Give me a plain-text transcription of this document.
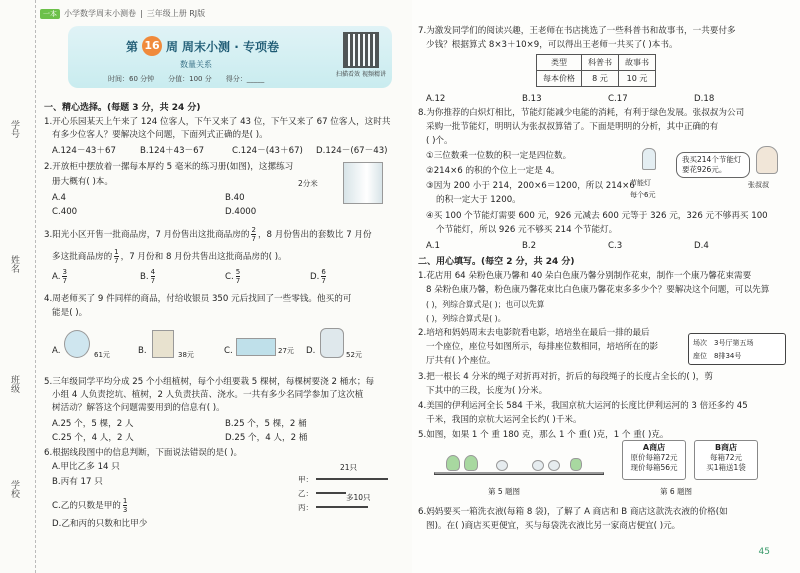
学号
姓名
班级
学校
一本 小学数学周末小测卷 | 三年级上册 RJ版
第 16 周 周末小测 · 专项卷
数量关系
时间：60 分钟 分值：100 分 得分：_____
扫描看效 视频精讲
一、精心选择。(每题 3 分，共 24 分)
1.开心乐园某天上午来了 124 位客人，下午又来了 43 位，下午又来了 67 位客人，这时共
有多少位客人？要解决这个问题，下面列式正确的是( )。
A.124－43＋67	B.124＋43－67	C.124－(43＋67) D.124－(67－43)
2.开放柜中摆放着一摞每本厚约 5 毫米的练习册(如图)，这摞练习
册大概有( )本。
A.4	B.40
C.400	D.4000
2分米
3.阳光小区开售一批商品房，7 月份售出这批商品房的 $\frac{2}{7}$ ，8 月份售出的套数比 7 月份
多这批商品房的 $\frac{1}{7}$ ，7 月份和 8 月份共售出这批商品房的( )。
A. $\frac{3}{7}$	B. $\frac{4}{7}$	C. $\frac{5}{7}$	D. $\frac{6}{7}$
4.周老师买了 9 件同样的商品，付给收银员 350 元后找回了一些零钱。他买的可
能是( )。
A.	61元	B.	38元	C.	27元 D.	52元
5.三年级同学平均分成 25 个小组植树，每个小组要栽 5 棵树，每棵树要浇 2 桶水；每
小组 4 人负责挖坑、植树，2 人负责扶苗、浇水。一共有多少名同学参加了这次植
树活动？解答这个问题需要用到的信息有( )。
A.25 个，5 棵，2 人	B.25 个，5 棵，2 桶
C.25 个，4 人，2 人	D.25 个，4 人，2 桶
6.根据线段图中的信息判断，下面说法错误的是( )。
A.甲比乙多 14 只
B.丙有 17 只
C.乙的只数是甲的 $\frac{1}{3}$
D.乙和丙的只数和比甲少
21只
甲：
乙：
丙：
多10只
7.为激发同学们的阅读兴趣，王老师在书店挑选了一些科普书和故事书，一共要付多
少钱？根据算式 8×3＋10×9，可以得出王老师一共买了( )本书。
类型	科普书	故事书
每本价格	8 元	10 元
A.12	B.13	C.17	D.18
8.为你推荐的白炽灯相比，节能灯能减少电能的消耗，有利于绿色发展。张叔叔为公司
采购一批节能灯，明明认为张叔叔算错了。下面是明明的分析，其中正确的有
( )个。
①三位数乘一位数的积一定是四位数。
②214×6 的积的个位上一定是 4。
③因为 200 小于 214，200×6＝1200，所以 214×6
的积一定大于 1200。
④买 100 个节能灯需要 600 元，926 元减去 600 元等于 326 元，326 元不够再买 100
个节能灯，所以 926 元不够买 214 个节能灯。
节能灯
每个6元
我买214个节能灯要花926元。
张叔叔
A.1	B.2	C.3	D.4
二、用心填写。(每空 2 分，共 24 分)
1.花店用 64 朵粉色康乃馨和 40 朵白色康乃馨分别制作花束，制作一个康乃馨花束需要
8 朵粉色康乃馨，粉色康乃馨花束比白色康乃馨花束多多少个？要解决这个问题，可以先算
( )，列综合算式是( )；也可以先算
( )，列综合算式是( )。
2.培培和妈妈周末去电影院看电影，培培坐在最后一排的最后
一个座位，座位号如图所示，每排座位数相同，培培所在的影
厅共有( )个座位。
场次　3号厅第五场
座位　8排34号
3.把一根长 4 分米的绳子对折再对折，折后的每段绳子的长度占全长的( )，剪
下其中的三段，长度为( )分米。
4.美国的伊利运河全长 584 千米，我国京杭大运河的长度比伊利运河的 3 倍还多约 45
千米，我国的京杭大运河全长约( )千米。
5.如图，如果 1 个 重 180 克，那么 1 个 重( )克，1 个 重( )克。
第 5 题图
A商店
原价每箱72元
现价每箱56元
B商店
每箱72元
买1箱送1袋
第 6 题图
6.妈妈要买一箱洗衣液(每箱 8 袋)，了解了 A 商店和 B 商店这款洗衣液的价格(如
图)。在( )商店买更便宜，买与每袋洗衣液比另一家商店便宜( )元。
45
